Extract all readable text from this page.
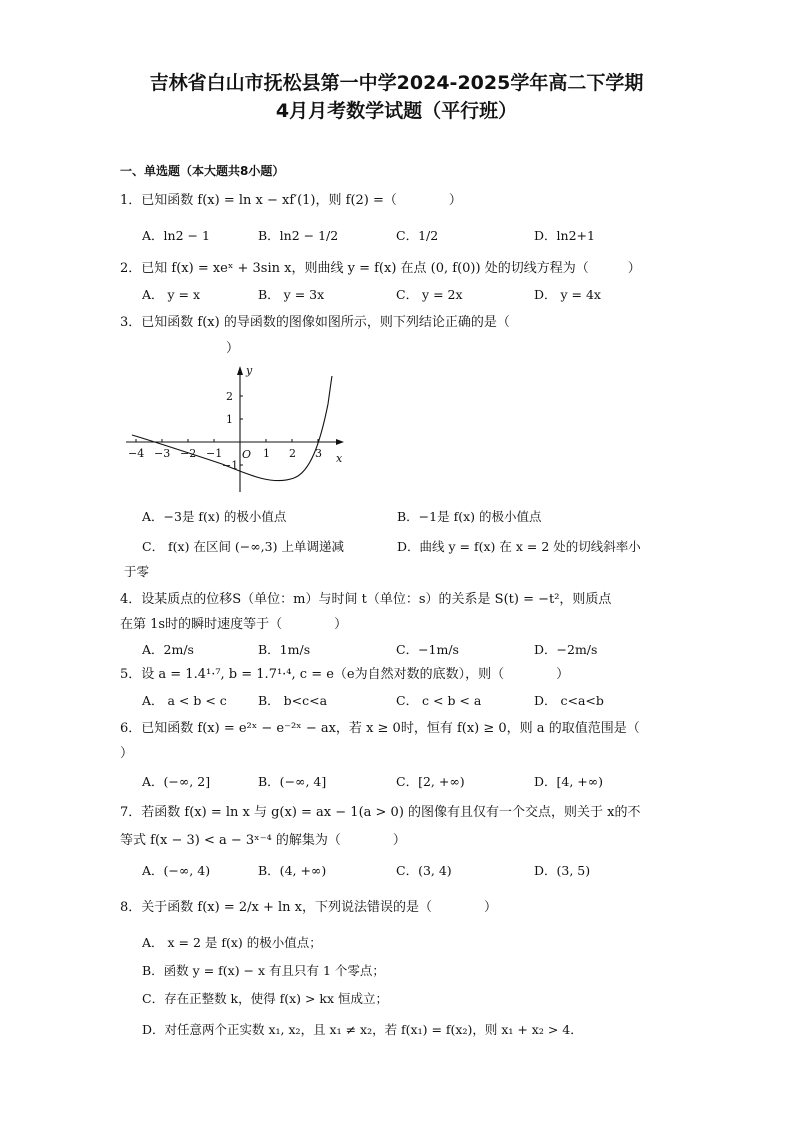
吉林省白山市抚松县第一中学2024-2025学年高二下学期
4月月考数学试题（平行班）
一、单选题（本大题共8小题）
1．已知函数 f(x) = ln x − xf′(1)，则 f(2) =（　　　　）
A．ln2 − 1	B．ln2 − 1/2	C．1/2	D．ln2+1
2．已知 f(x) = xeˣ + 3sin x，则曲线 y = f(x) 在点 (0, f(0)) 处的切线方程为（　　　）
A． y = x	B． y = 3x	C． y = 2x	D． y = 4x
3．已知函数 f(x) 的导函数的图像如图所示，则下列结论正确的是（
）
y
x
O
−4 −3 −2 −1	1 2 3
2
1
−1
A．−3是 f(x) 的极小值点	B．−1是 f(x) 的极小值点
C． f(x) 在区间 (−∞,3) 上单调递减	D．曲线 y = f(x) 在 x = 2 处的切线斜率小
于零
4．设某质点的位移S（单位：m）与时间 t（单位：s）的关系是 S(t) = −t²，则质点
在第 1s时的瞬时速度等于（　　　　）
A．2m/s	B．1m/s	C．−1m/s	D．−2m/s
5．设 a = 1.4¹·⁷, b = 1.7¹·⁴, c = e（e为自然对数的底数），则（　　　　）
A． a < b < c B． b<c<a	C． c < b < a	D． c<a<b
6．已知函数 f(x) = e²ˣ − e⁻²ˣ − ax，若 x ≥ 0时，恒有 f(x) ≥ 0，则 a 的取值范围是（
）
A．(−∞, 2]	B．(−∞, 4]	C．[2, +∞)	D．[4, +∞)
7．若函数 f(x) = ln x 与 g(x) = ax − 1(a > 0) 的图像有且仅有一个交点，则关于 x的不
等式 f(x − 3) < a − 3ˣ⁻⁴ 的解集为（　　　　）
A．(−∞, 4)	B．(4, +∞)	C．(3, 4)	D．(3, 5)
8．关于函数 f(x) = 2/x + ln x，下列说法错误的是（　　　　）
A． x = 2 是 f(x) 的极小值点；
B．函数 y = f(x) − x 有且只有 1 个零点；
C．存在正整数 k，使得 f(x) > kx 恒成立；
D．对任意两个正实数 x₁, x₂，且 x₁ ≠ x₂，若 f(x₁) = f(x₂)，则 x₁ + x₂ > 4．
